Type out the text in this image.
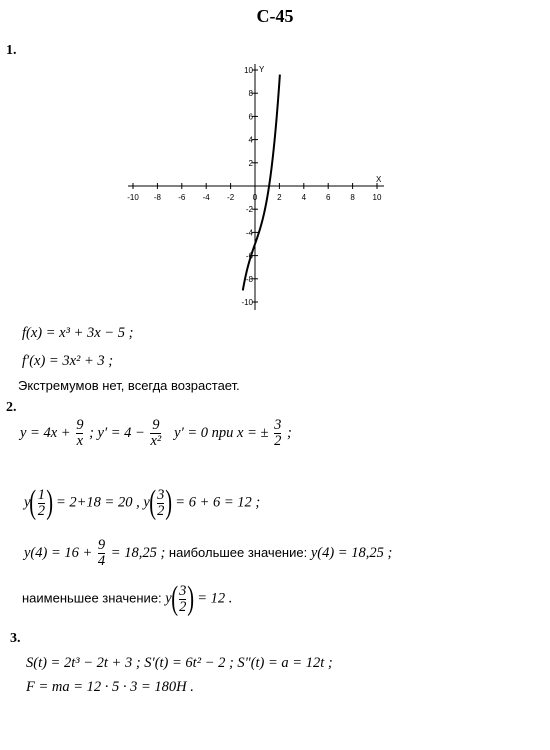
С-45
1.
-10 -8 -6 -4 -2 0 2 4 6 8 10
10
8
6
4
2
-2
-4
-6
-8
-10
X
Y
f(x) = x³ + 3x − 5 ;
f′(x) = 3x² + 3 ;
Экстремумов нет, всегда возрастает.
2.
$y = 4x + \frac{9}{x}$ ; $y' = 4 - \frac{9}{\text{x²}} y' = 0$ при x = ± $\frac{3}{2}$ ;
$y( \frac{1}{2}$ ) = 2+18 = 20 , $y( \frac{3}{2}$ ) = 6 + 6 = 12 ;
$y(4) = 16 + \frac{9}{4} = 18,25$ ; наибольшее значение: y(4) = 18,25 ;
наименьшее значение: $y( \frac{3}{2}$ ) = 12 .
3.
S(t) = 2t³ − 2t + 3 ; S′(t) = 6t² − 2 ; S″(t) = a = 12t ;
F = ma = 12 · 5 · 3 = 180H .
